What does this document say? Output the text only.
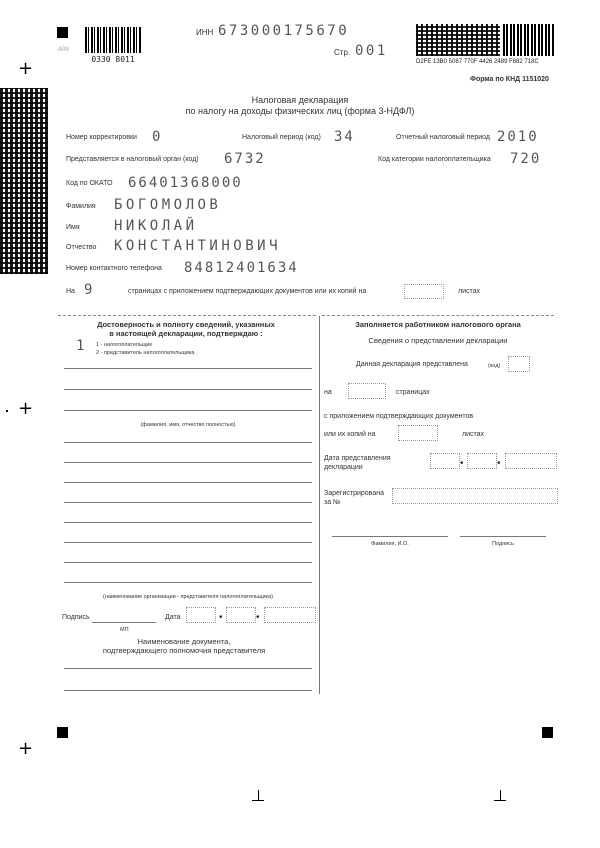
+
+
+
0330 8011
A09
D2FE 13B0 5087 770F 4426 2489 F882 718C
ИНН 673000175670
Стр. 001
Форма по КНД 1151020
Налоговая декларация
по налогу на доходы физических лиц (форма 3-НДФЛ)
Номер корректировки 0	Налоговый период (код) 34	Отчетный налоговый период 2010
Представляется в налоговый орган (код) 6732	Код категории налогоплательщика 720
Код по ОКАТО 66401368000
Фамилия БОГОМОЛОВ
Имя НИКОЛАЙ
Отчество КОНСТАНТИНОВИЧ
Номер контактного телефона 84812401634
На 9	страницах с приложением подтверждающих документов или их копий на	листах
Достоверность и полноту сведений, указанных
в настоящей декларации, подтверждаю :
1 1 - налогоплательщик
2 - представитель налогоплательщика
(фамилия, имя, отчество полностью)
(наименование организации - представителя налогоплательщика)
Подпись
МП
Дата	•	•
Наименование документа,
подтверждающего полномочия представителя
Заполняется работником налогового органа
Сведения о представлении декларации
Данная декларация представлена	(код)
на	страницах
с приложением подтверждающих документов
или их копий на	листах
Дата представления
декларации	•	•
Зарегистрирована
за №
Фамилия, И.О.	Подпись
